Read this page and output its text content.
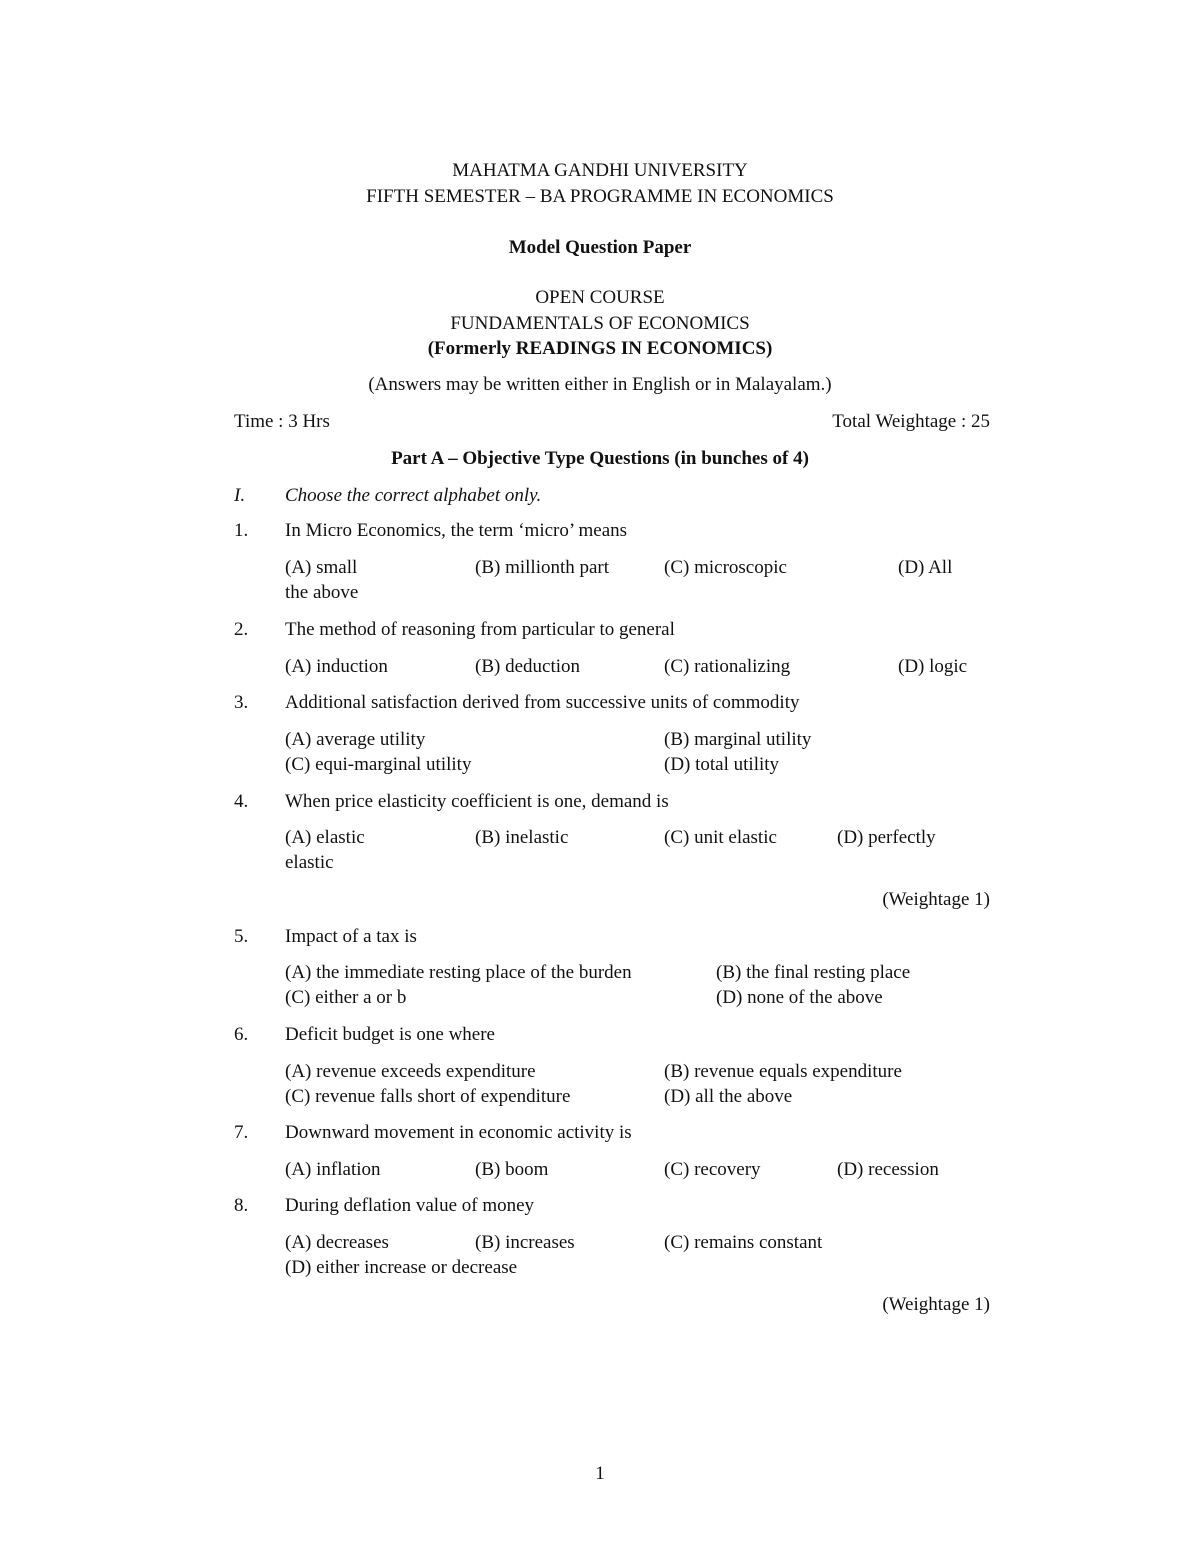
MAHATMA GANDHI UNIVERSITY
FIFTH SEMESTER – BA PROGRAMME IN ECONOMICS
Model Question Paper
OPEN COURSE
FUNDAMENTALS OF ECONOMICS
(Formerly READINGS IN ECONOMICS)
(Answers may be written either in English or in Malayalam.)
Time : 3 Hrs	Total Weightage : 25
Part A – Objective Type Questions (in bunches of 4)
I. Choose the correct alphabet only.
1. In Micro Economics, the term ‘micro’ means
(A) small	(B) millionth part	(C) microscopic	(D) All
the above
2. The method of reasoning from particular to general
(A) induction	(B) deduction	(C) rationalizing	(D) logic
3. Additional satisfaction derived from successive units of commodity
(A) average utility	(B) marginal utility
(C) equi-marginal utility	(D) total utility
4. When price elasticity coefficient is one, demand is
(A) elastic	(B) inelastic	(C) unit elastic	(D) perfectly
elastic
(Weightage 1)
5. Impact of a tax is
(A) the immediate resting place of the burden	(B) the final resting place
(C) either a or b	(D) none of the above
6. Deficit budget is one where
(A) revenue exceeds expenditure	(B) revenue equals expenditure
(C) revenue falls short of expenditure	(D) all the above
7. Downward movement in economic activity is
(A) inflation	(B) boom	(C) recovery	(D) recession
8. During deflation value of money
(A) decreases	(B) increases	(C) remains constant
(D) either increase or decrease
(Weightage 1)
1
